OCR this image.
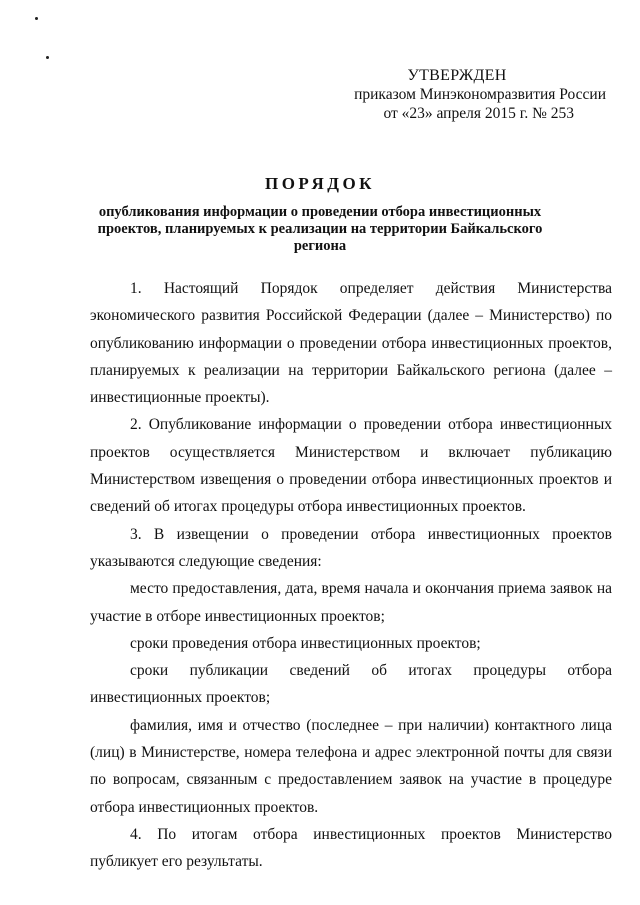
УТВЕРЖДЕН
приказом Минэкономразвития России
от «23» апреля 2015 г. № 253
ПОРЯДОК
опубликования информации о проведении отбора инвестиционных проектов, планируемых к реализации на территории Байкальского региона

1. Настоящий Порядок определяет действия Министерства экономического развития Российской Федерации (далее – Министерство) по опубликованию информации о проведении отбора инвестиционных проектов, планируемых к реализации на территории Байкальского региона (далее – инвестиционные проекты).

2. Опубликование информации о проведении отбора инвестиционных проектов осуществляется Министерством и включает публикацию Министерством извещения о проведении отбора инвестиционных проектов и сведений об итогах процедуры отбора инвестиционных проектов.

3. В извещении о проведении отбора инвестиционных проектов указываются следующие сведения:

место предоставления, дата, время начала и окончания приема заявок на участие в отборе инвестиционных проектов;

сроки проведения отбора инвестиционных проектов;

сроки публикации сведений об итогах процедуры отбора инвестиционных проектов;

фамилия, имя и отчество (последнее – при наличии) контактного лица (лиц) в Министерстве, номера телефона и адрес электронной почты для связи по вопросам, связанным с предоставлением заявок на участие в процедуре отбора инвестиционных проектов.

4. По итогам отбора инвестиционных проектов Министерство публикует его результаты.
